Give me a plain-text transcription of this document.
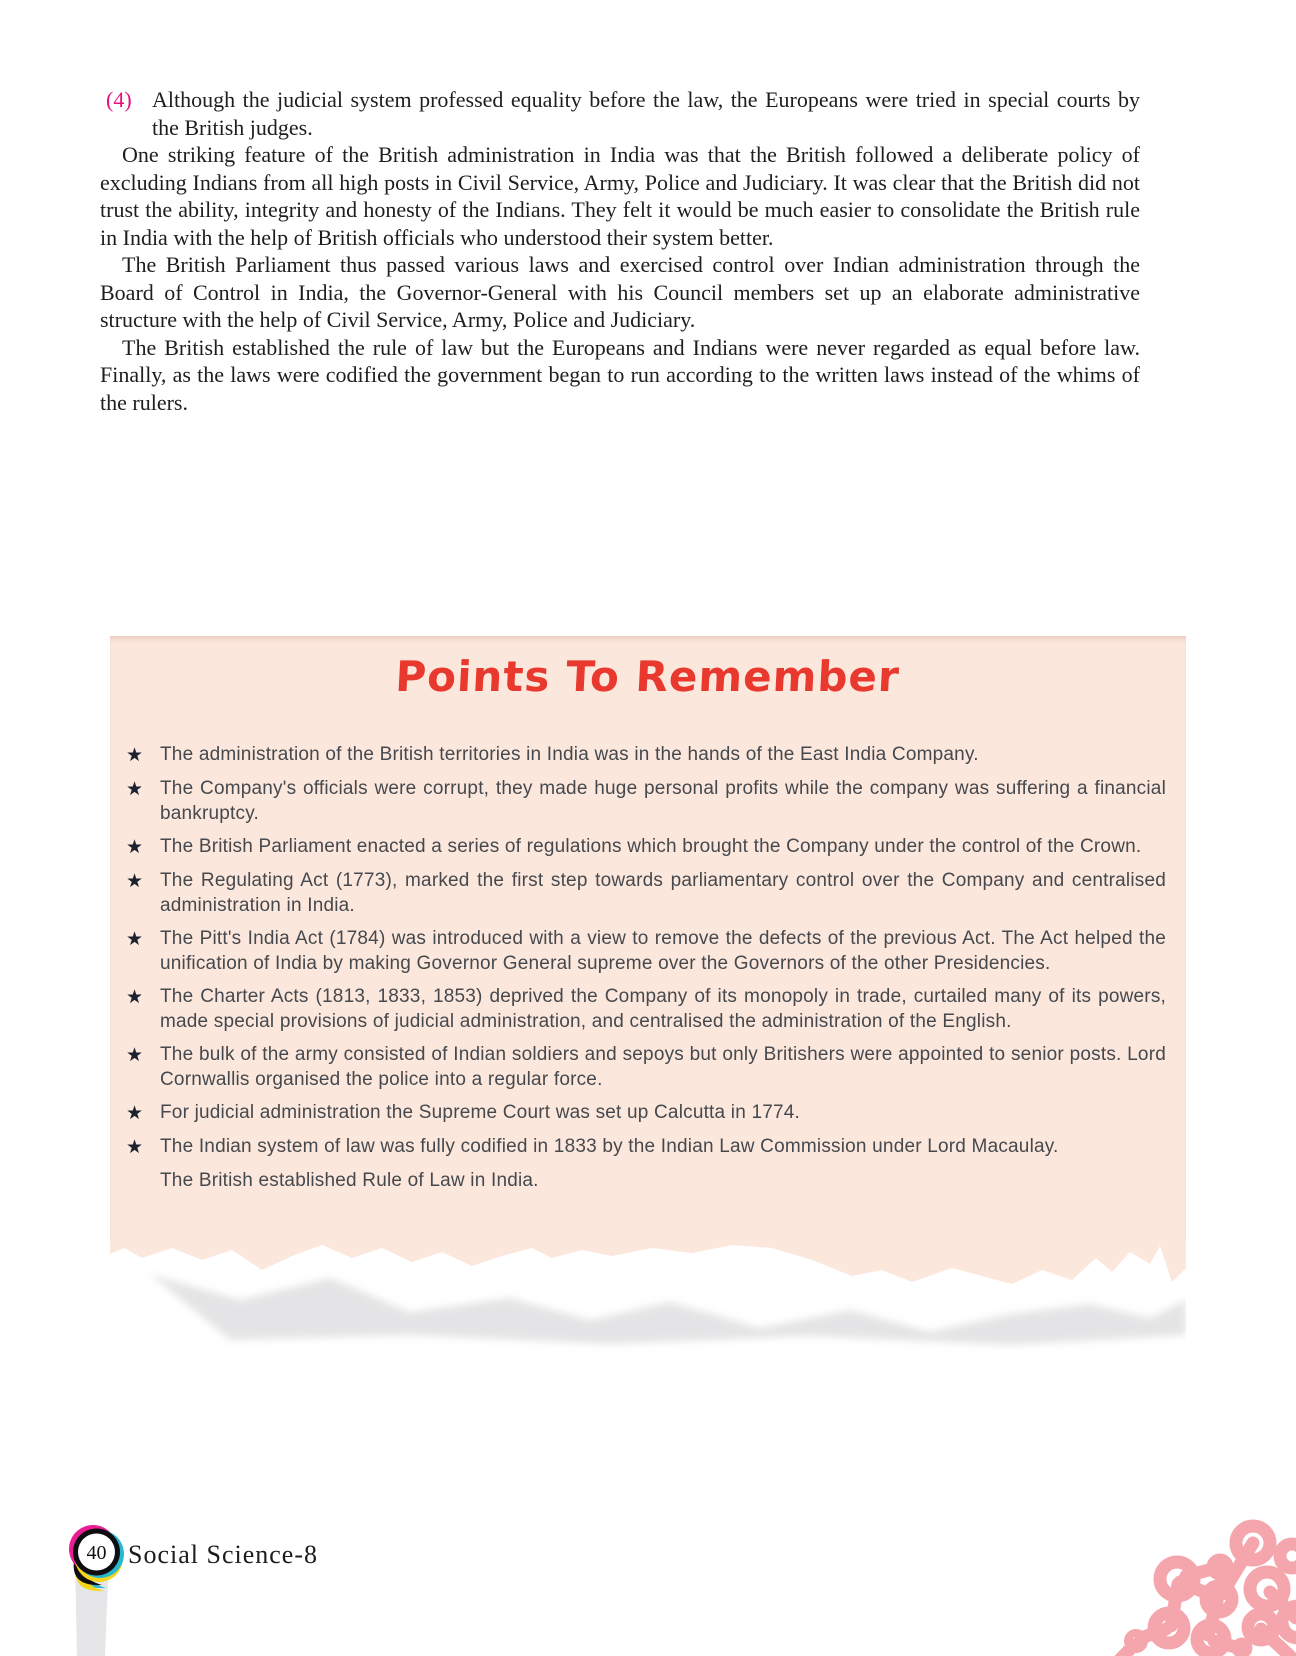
(4) Although the judicial system professed equality before the law, the Europeans were tried in special courts by the British judges.

One striking feature of the British administration in India was that the British followed a deliberate policy of excluding Indians from all high posts in Civil Service, Army, Police and Judiciary. It was clear that the British did not trust the ability, integrity and honesty of the Indians. They felt it would be much easier to consolidate the British rule in India with the help of British officials who understood their system better.

The British Parliament thus passed various laws and exercised control over Indian administration through the Board of Control in India, the Governor-General with his Council members set up an elaborate administrative structure with the help of Civil Service, Army, Police and Judiciary.

The British established the rule of law but the Europeans and Indians were never regarded as equal before law. Finally, as the laws were codified the government began to run according to the written laws instead of the whims of the rulers.

Points To Remember
★ The administration of the British territories in India was in the hands of the East India Company.
★ The Company's officials were corrupt, they made huge personal profits while the company was suffering a financial bankruptcy.
★ The British Parliament enacted a series of regulations which brought the Company under the control of the Crown.
★ The Regulating Act (1773), marked the first step towards parliamentary control over the Company and centralised administration in India.
★ The Pitt's India Act (1784) was introduced with a view to remove the defects of the previous Act. The Act helped the unification of India by making Governor General supreme over the Governors of the other Presidencies.
★ The Charter Acts (1813, 1833, 1853) deprived the Company of its monopoly in trade, curtailed many of its powers, made special provisions of judicial administration, and centralised the administration of the English.
★ The bulk of the army consisted of Indian soldiers and sepoys but only Britishers were appointed to senior posts. Lord Cornwallis organised the police into a regular force.
★ For judicial administration the Supreme Court was set up Calcutta in 1774.
★ The Indian system of law was fully codified in 1833 by the Indian Law Commission under Lord Macaulay.
The British established Rule of Law in India.
40 Social Science-8
